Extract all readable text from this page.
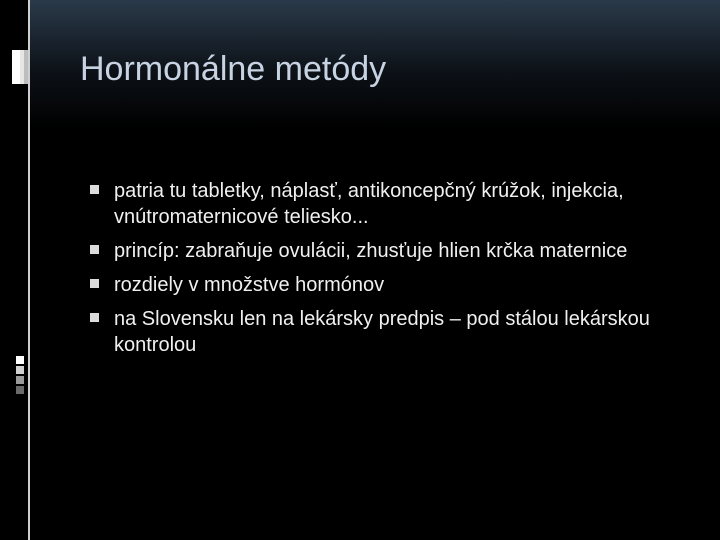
Hormonálne metódy
patria tu tabletky, náplasť, antikoncepčný krúžok, injekcia, vnútromaternicové teliesko...
princíp: zabraňuje ovulácii, zhusťuje hlien krčka maternice
rozdiely v množstve hormónov
na Slovensku len na lekársky predpis – pod stálou lekárskou kontrolou
